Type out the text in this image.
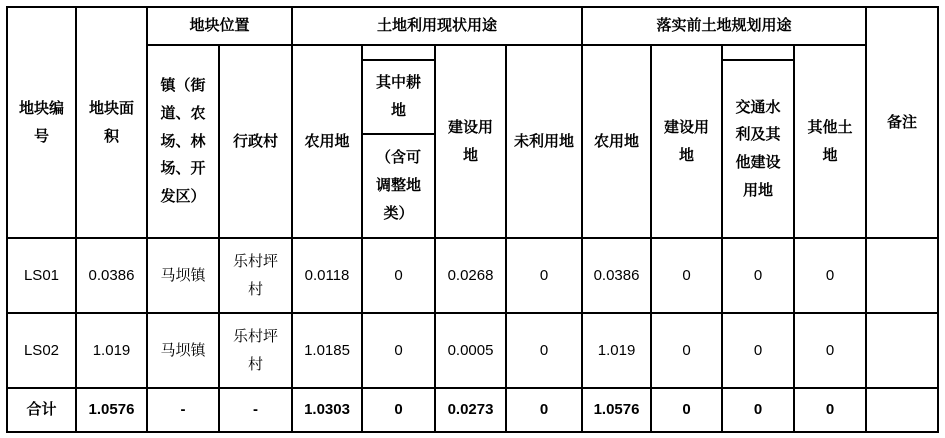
地块编号	地块面积	地块位置		土地利用现状用途				落实前土地规划用途				备注
		镇（街道、农场、林场、开发区）	行政村	农用地		建设用地	未利用地	农用地	建设用地		其他土地	
					其中耕地					交通水利及其他建设用地		
					（含可调整地类）							
LS01	0.0386	马坝镇	乐村坪村	0.0118	0	0.0268	0	0.0386	0	0	0	
LS02	1.019	马坝镇	乐村坪村	1.0185	0	0.0005	0	1.019	0	0	0	
合计	1.0576	-	-	1.0303	0	0.0273	0	1.0576	0	0	0	
